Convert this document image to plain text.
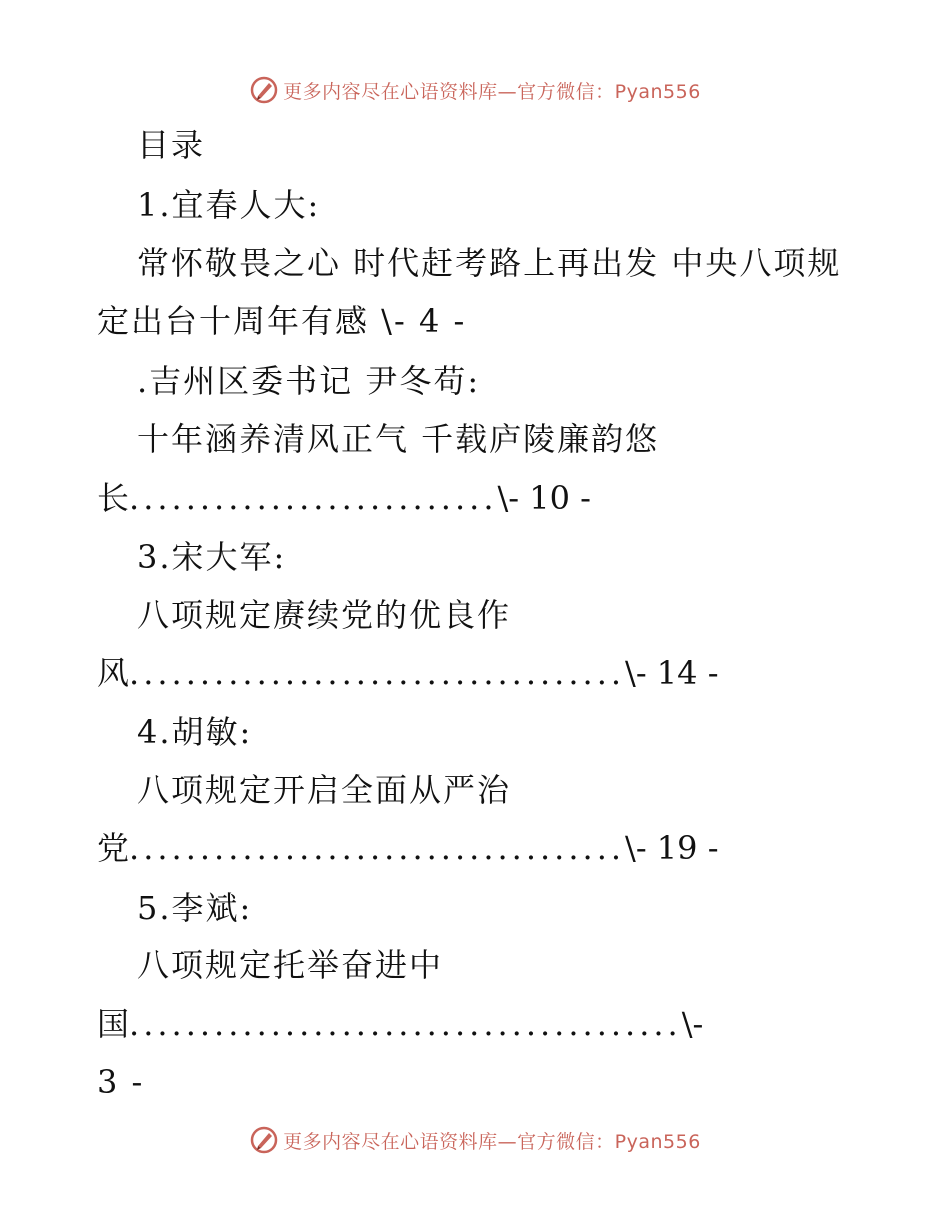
更多内容尽在心语资料库—官方微信：Pyan556
目录
1.宜春人大:
常怀敬畏之心 时代赶考路上再出发 中央八项规
定出台十周年有感 \- 4 -
.吉州区委书记 尹冬苟:
十年涵养清风正气 千载庐陵廉韵悠
长 .......................... \- 10 -
3.宋大军:
八项规定赓续党的优良作
风 ................................... \- 14 -
4.胡敏:
八项规定开启全面从严治
党 ................................... \- 19 -
5.李斌:
八项规定托举奋进中
国 ....................................... \-
3 -
更多内容尽在心语资料库—官方微信：Pyan556
